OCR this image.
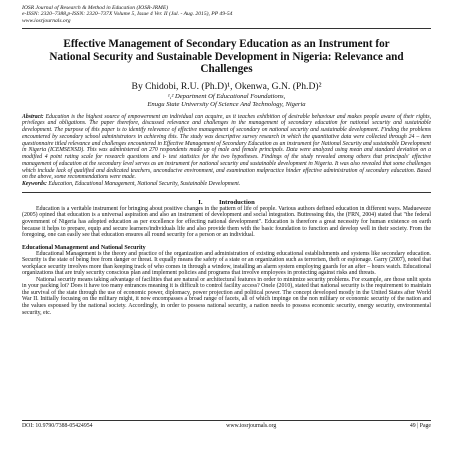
IOSR Journal of Research & Method in Education (IOSR-JRME)
e-ISSN: 2320–7388,p-ISSN: 2320–737X Volume 5, Issue 4 Ver. II (Jul. - Aug. 2015), PP 49-54
www.iosrjournals.org
Effective Management of Secondary Education as an Instrument for National Security and Sustainable Development in Nigeria: Relevance and Challenges
By Chidobi, R.U. (Ph.D)¹, Okenwa, G.N. (Ph.D)²
¹,² Department Of Educational Foundations,
Enugu State University Of Science And Technology, Nigeria
Abstract: Education is the highest source of empowerment an individual can acquire, as it teaches exhibition of desirable behaviour and makes people aware of their rights, privileges and obligations. The paper therefore, discussed relevance and challenges in the management of secondary education for national security and sustainable development. The purpose of this paper is to identify relevance of effective management of secondary on national security and sustainable development. Finding the problems encountered by secondary school administrators in achieving this. The study was descriptive survey research in which the quantitative data were collected through 24 – item questionnaire titled relevance and challenges encountered in Effective Management of Secondary Education as an instrument for National Security and sustainable Development in Nigeria (ICEMSENSD). This was administered on 270 respondents made up of male and female principals. Data were analyzed using mean and standard deviation on a modified 4 point rating scale for research questions and t- test statistics for the two hypotheses. Findings of the study revealed among others that principals' effective management of education at the secondary level serves as an instrument for national security and sustainable development in Nigeria. It was also revealed that some challenges which include lack of qualified and dedicated teachers, unconducive environment, and examination malpractice hinder effective administration of secondary education. Based on the above, some recommendations were made.
Keywords: Education, Educational Management, National Security, Sustainable Development.
I.          Introduction

Education is a veritable instrument for bringing about positive changes in the pattern of life of people. Various authors defined education in different ways. Madueweze (2005) opined that education is a universal aspiration and also an instrument of development and social integration. Buttressing this, the (FRN, 2004) stated that "the federal government of Nigeria has adopted education as per excellence for effecting national development". Education is therefore a great necessity for human existence on earth because it helps to prepare, equip and secure learners/individuals life and also provide them with the basic foundation to function and develop well in their society. From the foregoing, one can easily see that education ensures all round security for a person or an individual.

Educational Management and National Security

Educational Management is the theory and practice of the organization and administration of existing educational establishments and systems like secondary education. Security is the state of being free from danger or threat. It equally means the safety of a state or an organization such as terrorism, theft or espionage. Garry (2007), noted that workplace security involves more than keeping track of who comes in through a window, installing an alarm system employing guards for an after – hours watch. Educational organizations that are truly security conscious plan and implement policies and programs that involve employees in protecting against risks and threats.

National security means taking advantage of facilities that are natural or architectural features in order to minimize security problems. For example, are those unlit spots in your packing lot? Does it have too many entrances meaning it is difficult to control facility access? Onele (2010), stated that national security is the requirement to maintain the survival of the state through the use of economic power, diplomacy, power projection and political power. The concept developed mostly in the United States after World War II. Initially focusing on the military might, it now encompasses a broad range of facets, all of which impinge on the non military or economic security of the nation and the values espoused by the national society. Accordingly, in order to possess national security, a nation needs to possess economic security, energy security, environmental security, etc.

DOI: 10.9790/7388-05424954	www.iosrjournals.org	49 | Page
